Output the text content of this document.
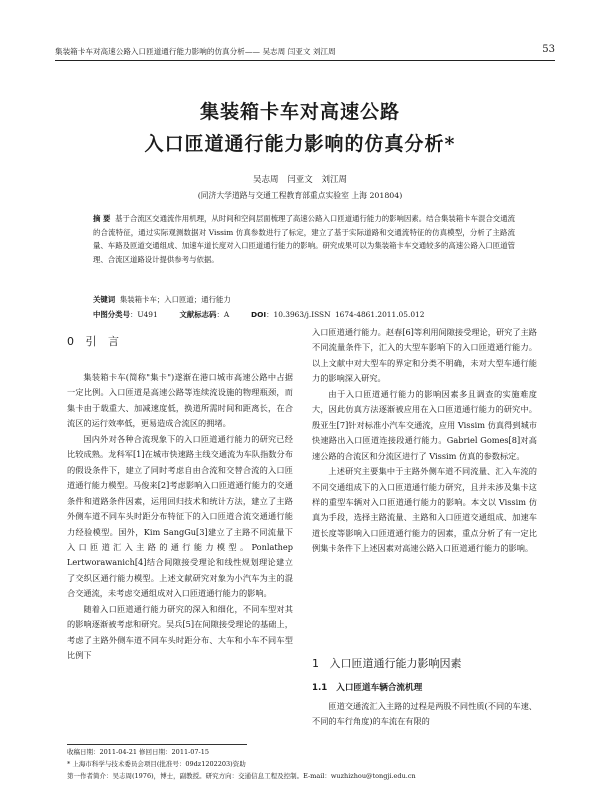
集装箱卡车对高速公路入口匝道通行能力影响的仿真分析—— 吴志周 闫亚文 刘江周	53
集装箱卡车对高速公路
入口匝道通行能力影响的仿真分析*
吴志周 闫亚文 刘江周
(同济大学道路与交通工程教育部重点实验室 上海 201804)
摘 要 基于合流区交通流作用机理，从时间和空间层面梳理了高速公路入口匝道通行能力的影响因素。结合集装箱卡车混合交通流的合流特征，通过实际观测数据对 Vissim 仿真参数进行了标定，建立了基于实际道路和交通流特征的仿真模型，分析了主路流量、车路及匝道交通组成、加速车道长度对入口匝道通行能力的影响。研究成果可以为集装箱卡车交通较多的高速公路入口匝道管理、合流区道路设计提供参考与依据。
关键词 集装箱卡车；入口匝道；通行能力
中图分类号：U491	文献标志码：A	DOI：10.3963/j.ISSN 1674-4861.2011.05.012
0 引 言

集装箱卡车(简称"集卡")遂渐在港口城市高速公路中占据一定比例。入口匝道是高速公路等连续流设施的物理瓶颈，而集卡由于载重大、加减速度低，换道所需时间和距离长，在合流区的运行效率低，更易造成合流区的拥堵。

国内外对各种合流现象下的入口匝道通行能力的研究已经比较成熟。龙科军[1]在城市快速路主线交通流为车队指数分布的假设条件下，建立了同时考虑自由合流和交替合流的入口匝道通行能力模型。马俊来[2]考虑影响入口匝道通行能力的交通条件和道路条件因素，运用回归技术和统计方法，建立了主路外侧车道不同车头时距分布特征下的入口匝道合流交通通行能力经验模型。国外，Kim SangGu[3]建立了主路不同流量下入口匝道汇入主路的通行能力模型。Ponlathep Lertworawanich[4]结合间隙接受理论和线性规划理论建立了交织区通行能力模型。上述文献研究对象为小汽车为主的混合交通流，未考虑交通组成对入口匝道通行能力的影响。

随着入口匝道通行能力研究的深入和细化，不同车型对其的影响逐渐被考虑和研究。吴兵[5]在间隙接受理论的基础上，考虑了主路外侧车道不同车头时距分布、大车和小车不同车型比例下

入口匝道通行能力。赵春[6]等利用间隙接受理论，研究了主路不同流量条件下，汇入的大型车影响下的入口匝道通行能力。以上文献中对大型车的界定和分类不明确，未对大型车通行能力的影响深入研究。

由于入口匝道通行能力的影响因素多且调查的实施难度大，因此仿真方法逐渐被应用在入口匝道通行能力的研究中。殷亚生[7]针对标准小汽车交通流，应用 Vissim 仿真得到城市快速路出入口匝道连接段通行能力。Gabriel Gomes[8]对高速公路的合流区和分流区进行了 Vissim 仿真的参数标定。

上述研究主要集中于主路外侧车道不同流量、汇入车流的不同交通组成下的入口匝道通行能力研究，且并未涉及集卡这样的重型车辆对入口匝道通行能力的影响。本文以 Vissim 仿真为手段，选择主路流量、主路和入口匝道交通组成、加速车道长度等影响入口匝道通行能力的因素，重点分析了有一定比例集卡条件下上述因素对高速公路入口匝道通行能力的影响。

1 入口匝道通行能力影响因素
1.1 入口匝道车辆合流机理

匝道交通流汇入主路的过程是两股不同性质(不同的车速、不同的车行角度)的车流在有限的

收稿日期：2011-04-21 修回日期：2011-07-15
* 上海市科学与技术委员会项目(批准号：09dz1202203)资助
第一作者简介：吴志周(1976)，博士，副教授。研究方向：交通信息工程及控制。E-mail：wuzhizhou@tongji.edu.cn
